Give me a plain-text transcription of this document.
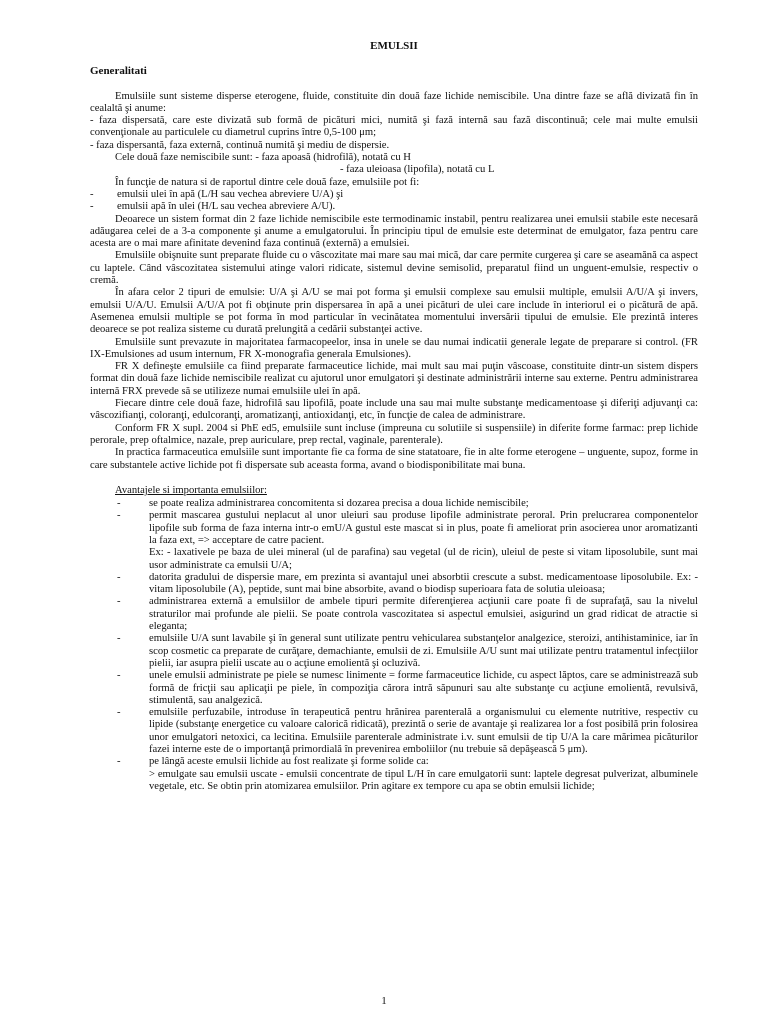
EMULSII
Generalitati

Emulsiile sunt sisteme disperse eterogene, fluide, constituite din două faze lichide nemiscibile. Una dintre faze se află divizată fin în cealaltă şi anume:

- faza dispersată, care este divizată sub formă de picături mici, numită şi fază internă sau fază discontinuă; cele mai multe emulsii convenţionale au particulele cu diametrul cuprins între 0,5-100 μm;

- faza dispersantă, faza externă, continuă numită şi mediu de dispersie.

Cele două faze nemiscibile sunt: - faza apoasă (hidrofilă), notată cu H

- faza uleioasa (lipofila), notată cu L

În funcţie de natura si de raportul dintre cele două faze, emulsiile pot fi:

-	emulsii ulei în apă (L/H sau vechea abreviere U/A) şi
-	emulsii apă în ulei (H/L sau vechea abreviere A/U).

Deoarece un sistem format din 2 faze lichide nemiscibile este termodinamic instabil, pentru realizarea unei emulsii stabile este necesară adăugarea celei de a 3-a componente şi anume a emulgatorului. În principiu tipul de emulsie este determinat de emulgator, faza pentru care acesta are o mai mare afinitate devenind faza continuă (externă) a emulsiei.

Emulsiile obişnuite sunt preparate fluide cu o vâscozitate mai mare sau mai mică, dar care permite curgerea şi care se aseamănă ca aspect cu laptele. Când vâscozitatea sistemului atinge valori ridicate, sistemul devine semisolid, preparatul fiind un unguent-emulsie, respectiv o cremă.

În afara celor 2 tipuri de emulsie: U/A şi A/U se mai pot forma şi emulsii complexe sau emulsii multiple, emulsii A/U/A şi invers, emulsii U/A/U. Emulsii A/U/A pot fi obţinute prin dispersarea în apă a unei picături de ulei care include în interiorul ei o picătură de apă. Asemenea emulsii multiple se pot forma în mod particular în vecinătatea momentului inversării tipului de emulsie. Ele prezintă interes deoarece se pot realiza sisteme cu durată prelungită a cedării substanţei active.

Emulsiile sunt prevazute in majoritatea farmacopeelor, insa in unele se dau numai indicatii generale legate de preparare si control. (FR IX-Emulsiones ad usum internum, FR X-monografia generala Emulsiones).

FR X defineşte emulsiile ca fiind preparate farmaceutice lichide, mai mult sau mai puţin vâscoase, constituite dintr-un sistem dispers format din două faze lichide nemiscibile realizat cu ajutorul unor emulgatori şi destinate administrării interne sau externe. Pentru administrarea internă FRX prevede să se utilizeze numai emulsiile ulei în apă.

Fiecare dintre cele două faze, hidrofilă sau lipofilă, poate include una sau mai multe substanţe medicamentoase şi diferiţi adjuvanţi ca: vâscozifianţi, coloranţi, edulcoranţi, aromatizanţi, antioxidanţi, etc, în funcţie de calea de administrare.

Conform FR X supl. 2004 si PhE ed5, emulsiile sunt incluse (impreuna cu solutiile si suspensiile) in diferite forme farmac: prep lichide perorale, prep oftalmice, nazale, prep auriculare, prep rectal, vaginale, parenterale).

In practica farmaceutica emulsiile sunt importante fie ca forma de sine statatoare, fie in alte forme eterogene – unguente, supoz, forme in care substantele active lichide pot fi dispersate sub aceasta forma, avand o biodisponibilitate mai buna.

Avantajele si importanta emulsiilor:

-	se poate realiza administrarea concomitenta si dozarea precisa a doua lichide nemiscibile;
-	permit mascarea gustului neplacut al unor uleiuri sau produse lipofile administrate peroral. Prin prelucrarea componentelor lipofile sub forma de faza interna intr-o emU/A gustul este mascat si in plus, poate fi ameliorat prin asocierea unor aromatizanti la faza ext, => acceptare de catre pacient.
Ex: - laxativele pe baza de ulei mineral (ul de parafina) sau vegetal (ul de ricin), uleiul de peste si vitam liposolubile, sunt mai usor administrate ca emulsii U/A;
-	datorita gradului de dispersie mare, em prezinta si avantajul unei absorbtii crescute a subst. medicamentoase liposolubile. Ex: - vitam liposolubile (A), peptide, sunt mai bine absorbite, avand o biodisp superioara fata de solutia uleioasa;
-	administrarea externă a emulsiilor de ambele tipuri permite diferenţierea acţiunii care poate fi de suprafaţă, sau la nivelul straturilor mai profunde ale pielii. Se poate controla vascozitatea si aspectul emulsiei, asigurind un grad ridicat de atractie si eleganta;
-	emulsiile U/A sunt lavabile şi în general sunt utilizate pentru vehicularea substanţelor analgezice, steroizi, antihistaminice, iar în scop cosmetic ca preparate de curăţare, demachiante, emulsii de zi. Emulsiile A/U sunt mai utilizate pentru tratamentul infecţiilor pielii, iar asupra pielii uscate au o acţiune emolientă şi ocluzivă.
-	unele emulsii administrate pe piele se numesc linimente = forme farmaceutice lichide, cu aspect lăptos, care se administrează sub formă de fricţii sau aplicaţii pe piele, în compoziţia cărora intră săpunuri sau alte substanţe cu acţiune emolientă, revulsivă, stimulentă, sau analgezică.
-	emulsiile perfuzabile, introduse în terapeutică pentru hrănirea parenterală a organismului cu elemente nutritive, respectiv cu lipide (substanţe energetice cu valoare calorică ridicată), prezintă o serie de avantaje şi realizarea lor a fost posibilă prin folosirea unor emulgatori netoxici, ca lecitina. Emulsiile parenterale administrate i.v. sunt emulsii de tip U/A la care mărimea picăturilor fazei interne este de o importanţă primordială în prevenirea emboliilor (nu trebuie să depăşească 5 μm).
-	pe lângă aceste emulsii lichide au fost realizate şi forme solide ca:
> emulgate sau emulsii uscate - emulsii concentrate de tipul L/H în care emulgatorii sunt: laptele degresat pulverizat, albuminele vegetale, etc. Se obtin prin atomizarea emulsiilor. Prin agitare ex tempore cu apa se obtin emulsii lichide;
1
